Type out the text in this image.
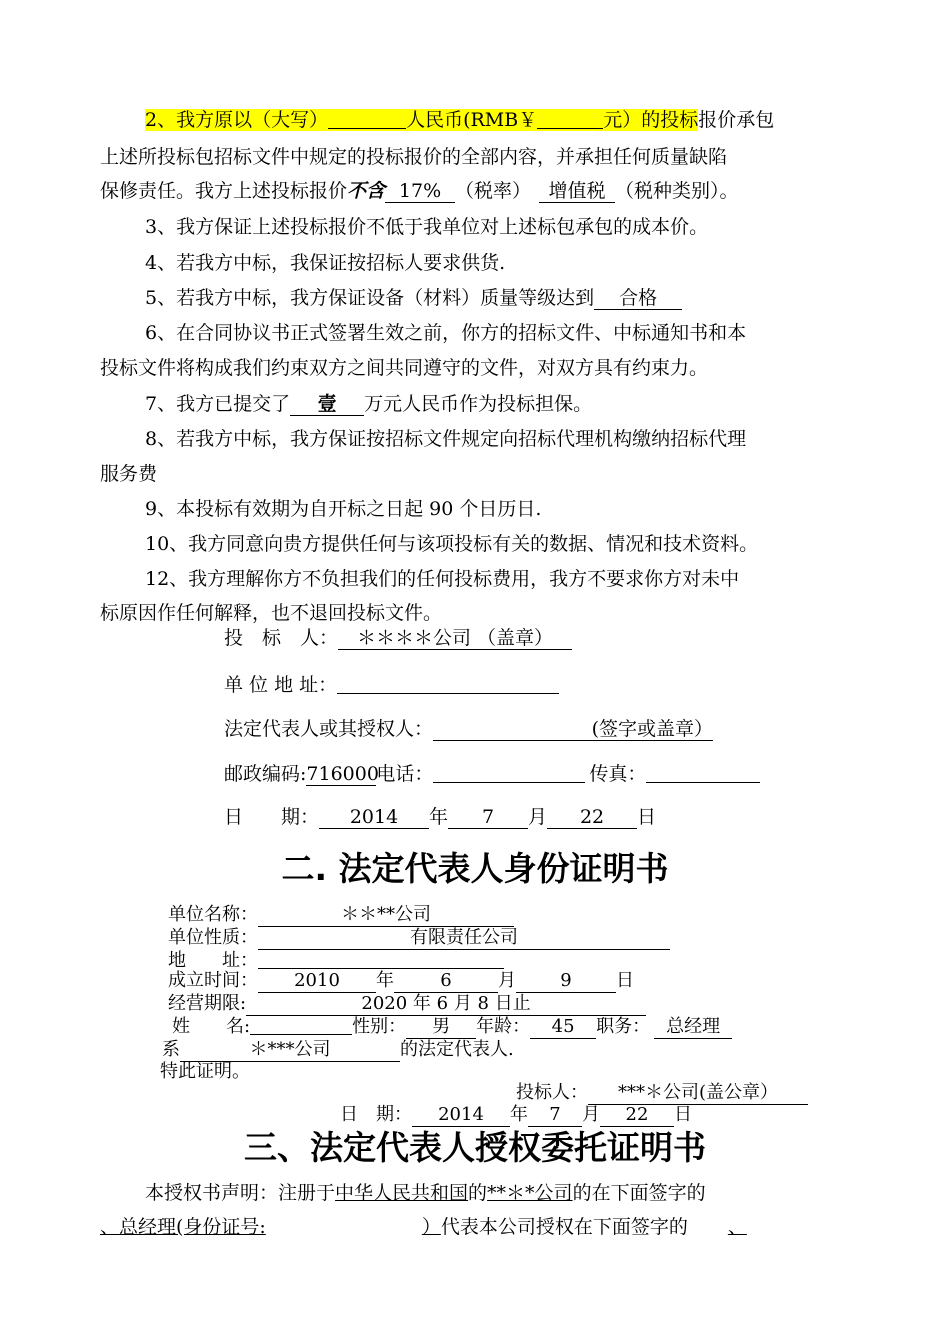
2、我方原以（大写）	人民币(RMB￥	元）的投标报价承包
上述所投标包招标文件中规定的投标报价的全部内容，并承担任何质量缺陷
保修责任。我方上述投标报价不含 17% （税率） 增值税 （税种类别）。
3、我方保证上述投标报价不低于我单位对上述标包承包的成本价。
4、若我方中标，我保证按招标人要求供货.
5、若我方中标，我方保证设备（材料）质量等级达到 合格
6、在合同协议书正式签署生效之前，你方的招标文件、中标通知书和本
投标文件将构成我们约束双方之间共同遵守的文件，对双方具有约束力。
7、我方已提交了 壹 万元人民币作为投标担保。
8、若我方中标，我方保证按招标文件规定向招标代理机构缴纳招标代理
服务费
9、本投标有效期为自开标之日起 90 个日历日.
10、我方同意向贵方提供任何与该项投标有关的数据、情况和技术资料。
12、我方理解你方不负担我们的任何投标费用，我方不要求你方对未中
标原因作任何解释，也不退回投标文件。
投　标　人： ＊＊＊＊公司 （盖章）
单 位 地 址：
法定代表人或其授权人：	(签字或盖章）
邮政编码:716000电话：	传真：
日　　期： 2014 年 7 月 22 日
二. 法定代表人身份证明书
单位名称：	＊＊**公司
单位性质：	有限责任公司
地　　址：
成立时间： 2010 年	6	月 9 日
经营期限:	2020 年 6 月 8 日止
姓　　名:	性别： 男 年龄： 45 职务： 总经理
系	＊***公司	的法定代表人.
特此证明。
投标人： ***＊公司(盖公章）
日　期： 2014 年 7 月 22 日
三、法定代表人授权委托证明书
本授权书声明：注册于中华人民共和国的**＊*公司的在下面签字的
、总经理(身份证号:	）代表本公司授权在下面签字的 、
